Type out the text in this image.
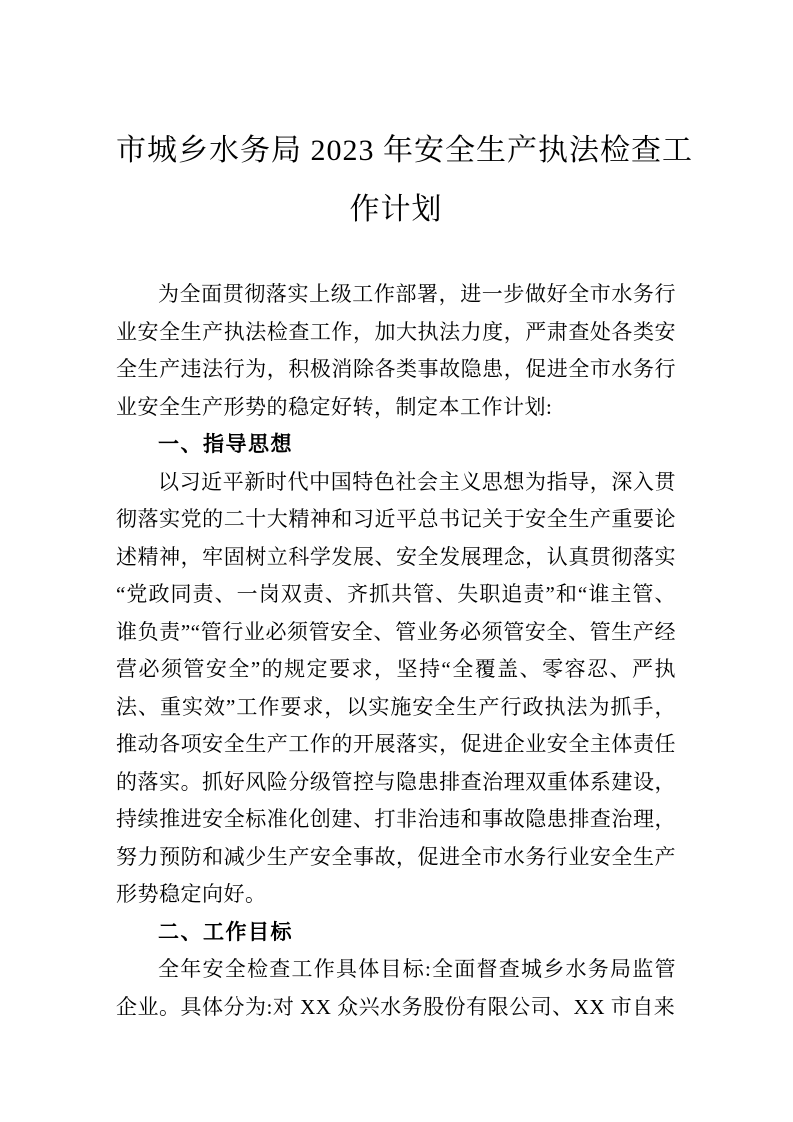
市城乡水务局 2023 年安全生产执法检查工
作计划

为全面贯彻落实上级工作部署，进一步做好全市水务行业安全生产执法检查工作，加大执法力度，严肃查处各类安全生产违法行为，积极消除各类事故隐患，促进全市水务行业安全生产形势的稳定好转，制定本工作计划:

一、指导思想

以习近平新时代中国特色社会主义思想为指导，深入贯彻落实党的二十大精神和习近平总书记关于安全生产重要论述精神，牢固树立科学发展、安全发展理念，认真贯彻落实“党政同责、一岗双责、齐抓共管、失职追责”和“谁主管、谁负责”“管行业必须管安全、管业务必须管安全、管生产经营必须管安全”的规定要求，坚持“全覆盖、零容忍、严执法、重实效”工作要求，以实施安全生产行政执法为抓手，推动各项安全生产工作的开展落实，促进企业安全主体责任的落实。抓好风险分级管控与隐患排查治理双重体系建设，持续推进安全标准化创建、打非治违和事故隐患排查治理，努力预防和减少生产安全事故，促进全市水务行业安全生产形势稳定向好。

二、工作目标

全年安全检查工作具体目标:全面督查城乡水务局监管企业。具体分为:对 XX 众兴水务股份有限公司、XX 市自来
